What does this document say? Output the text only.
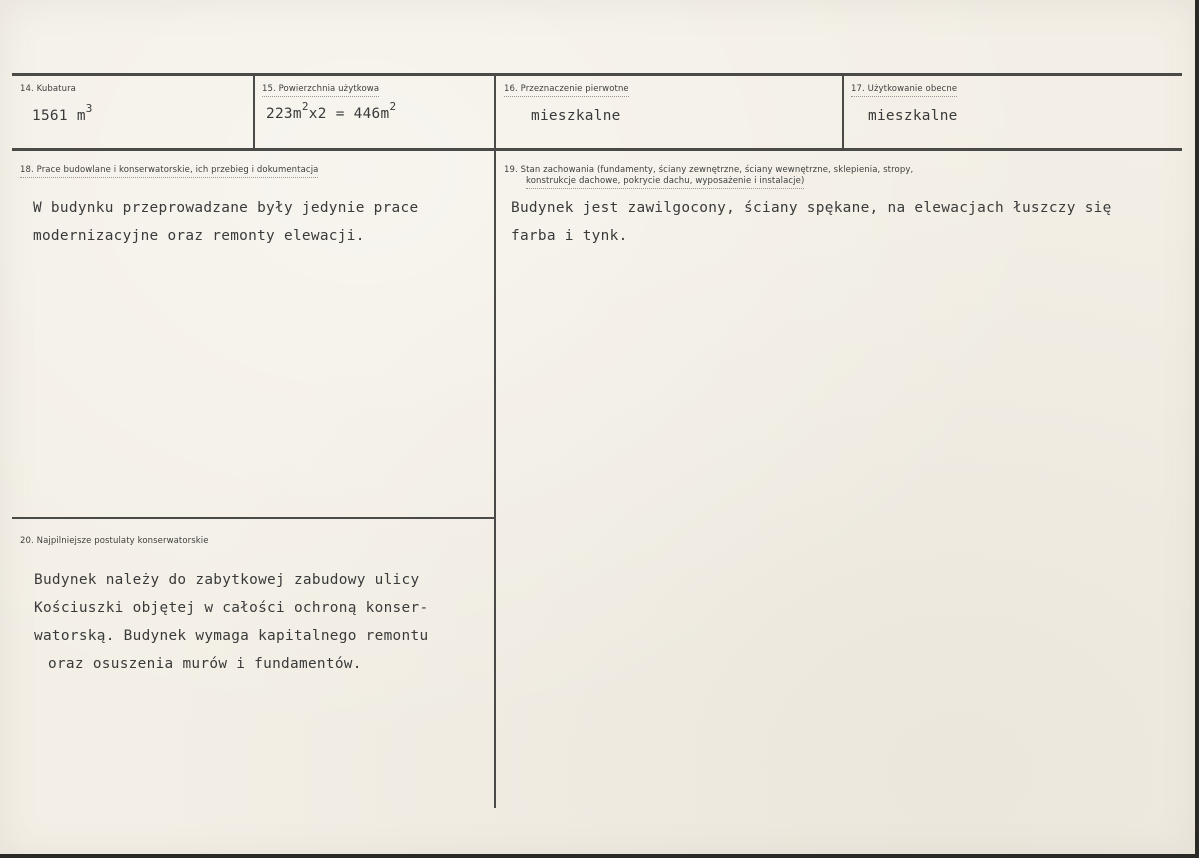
14. Kubatura
1561 $m^3$
15. Powierzchnia użytkowa
$223m^2x2 = 446m^2$
16. Przeznaczenie pierwotne
mieszkalne
17. Użytkowanie obecne
mieszkalne
18. Prace budowlane i konserwatorskie, ich przebieg i dokumentacja
W budynku przeprowadzane były jedynie prace
modernizacyjne oraz remonty elewacji.
19. Stan zachowania (fundamenty, ściany zewnętrzne, ściany wewnętrzne, sklepienia, stropy,
konstrukcje dachowe, pokrycie dachu, wyposażenie i instalacje)
Budynek jest zawilgocony, ściany spękane, na elewacjach łuszczy się
farba i tynk.
20. Najpilniejsze postulaty konserwatorskie
Budynek należy do zabytkowej zabudowy ulicy
Kościuszki objętej w całości ochroną konser-
watorską. Budynek wymaga kapitalnego remontu
oraz osuszenia murów i fundamentów.
